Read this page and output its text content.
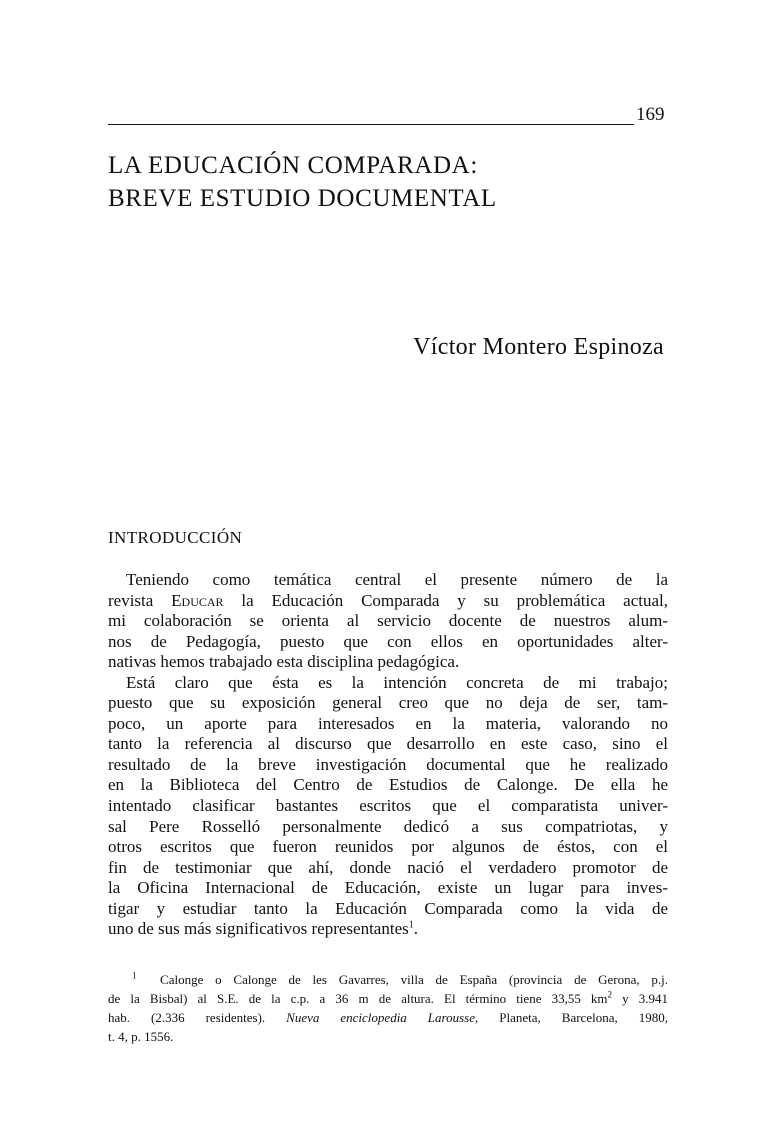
169
LA EDUCACIÓN COMPARADA:
BREVE ESTUDIO DOCUMENTAL
Víctor Montero Espinoza
INTRODUCCIÓN
Teniendo como temática central el presente número de la
revista Educar la Educación Comparada y su problemática actual,
mi colaboración se orienta al servicio docente de nuestros alum-
nos de Pedagogía, puesto que con ellos en oportunidades alter-
nativas hemos trabajado esta disciplina pedagógica.
Está claro que ésta es la intención concreta de mi trabajo;
puesto que su exposición general creo que no deja de ser, tam-
poco, un aporte para interesados en la materia, valorando no
tanto la referencia al discurso que desarrollo en este caso, sino el
resultado de la breve investigación documental que he realizado
en la Biblioteca del Centro de Estudios de Calonge. De ella he
intentado clasificar bastantes escritos que el comparatista univer-
sal Pere Rosselló personalmente dedicó a sus compatriotas, y
otros escritos que fueron reunidos por algunos de éstos, con el
fin de testimoniar que ahí, donde nació el verdadero promotor de
la Oficina Internacional de Educación, existe un lugar para inves-
tigar y estudiar tanto la Educación Comparada como la vida de
uno de sus más significativos representantes$^1$.
$^1$ Calonge o Calonge de les Gavarres, villa de España (provincia de Gerona, p.j.
de la Bisbal) al S.E. de la c.p. a 36 m de altura. El término tiene 33,55 km$^2$ y 3.941
hab. (2.336 residentes). Nueva enciclopedia Larousse, Planeta, Barcelona, 1980,
t. 4, p. 1556.
